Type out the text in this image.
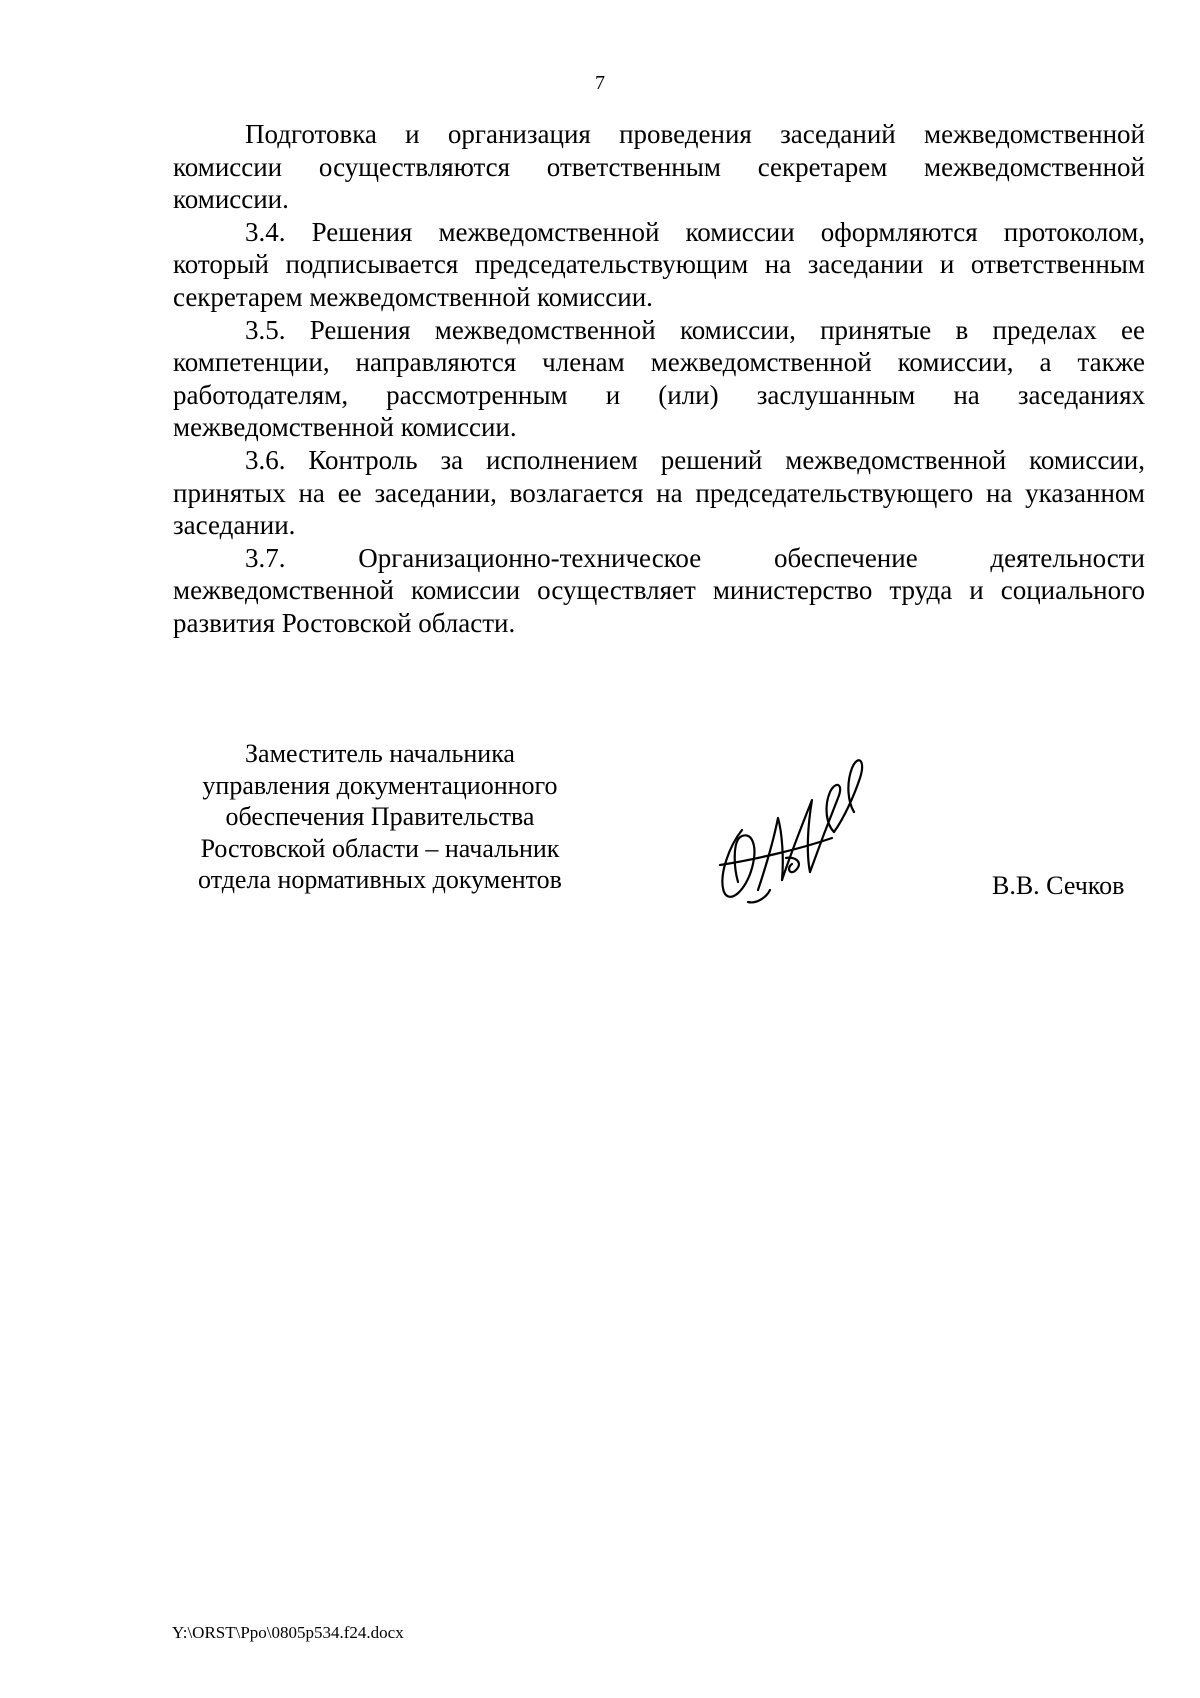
7

Подготовка и организация проведения заседаний межведомственной комиссии осуществляются ответственным секретарем межведомственной комиссии.

3.4. Решения межведомственной комиссии оформляются протоколом, который подписывается председательствующим на заседании и ответственным секретарем межведомственной комиссии.

3.5. Решения межведомственной комиссии, принятые в пределах ее компетенции, направляются членам межведомственной комиссии, а также работодателям, рассмотренным и (или) заслушанным на заседаниях межведомственной комиссии.

3.6. Контроль за исполнением решений межведомственной комиссии, принятых на ее заседании, возлагается на председательствующего на указанном заседании.

3.7. Организационно-техническое обеспечение деятельности межведомственной комиссии осуществляет министерство труда и социального развития Ростовской области.

Заместитель начальника
управления документационного
обеспечения Правительства
Ростовской области – начальник
отдела нормативных документов	В.В. Сечков
Y:\ORST\Ppo\0805p534.f24.docx
